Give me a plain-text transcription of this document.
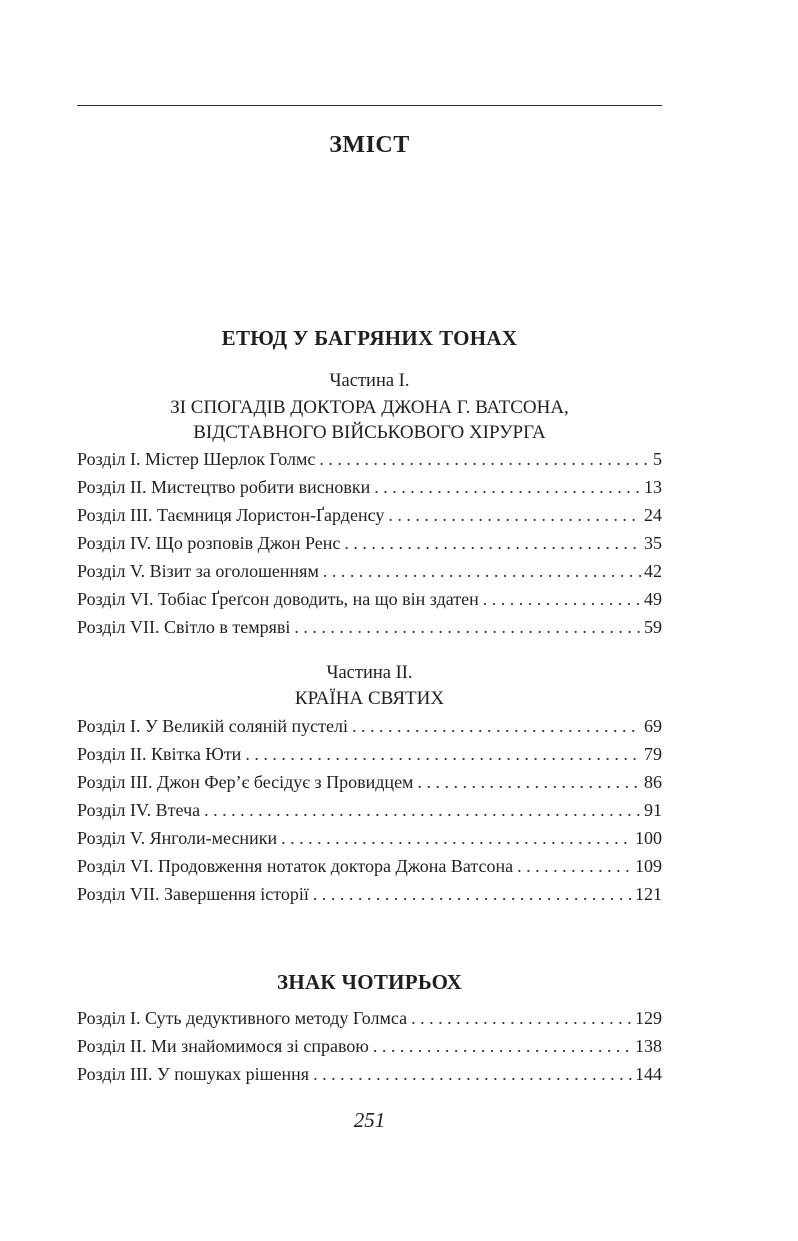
ЗМІСТ
ЕТЮД У БАГРЯНИХ ТОНАХ
Частина I.
ЗІ СПОГАДІВ ДОКТОРА ДЖОНА Г. ВАТСОНА,
ВІДСТАВНОГО ВІЙСЬКОВОГО ХІРУРГА
Розділ I. Містер Шерлок Голмс . . .	5
Розділ II. Мистецтво робити висновки . . .	13
Розділ III. Таємниця Лористон-Ґарденсу . . .	24
Розділ IV. Що розповів Джон Ренс . . .	35
Розділ V. Візит за оголошенням . . .	42
Розділ VI. Тобіас Ґреґсон доводить, на що він здатен . . .	49
Розділ VII. Світло в темряві . . .	59
Частина II.
КРАЇНА СВЯТИХ
Розділ I. У Великій соляній пустелі . . .	69
Розділ II. Квітка Юти . . .	79
Розділ III. Джон Фер’є бесідує з Провидцем . . .	86
Розділ IV. Втеча . . .	91
Розділ V. Янголи-месники . . .	100
Розділ VI. Продовження нотаток доктора Джона Ватсона . . .	109
Розділ VII. Завершення історії . . .	121
ЗНАК ЧОТИРЬОХ
Розділ I. Суть дедуктивного методу Голмса . . .	129
Розділ II. Ми знайомимося зі справою . . .	138
Розділ III. У пошуках рішення . . .	144
251
